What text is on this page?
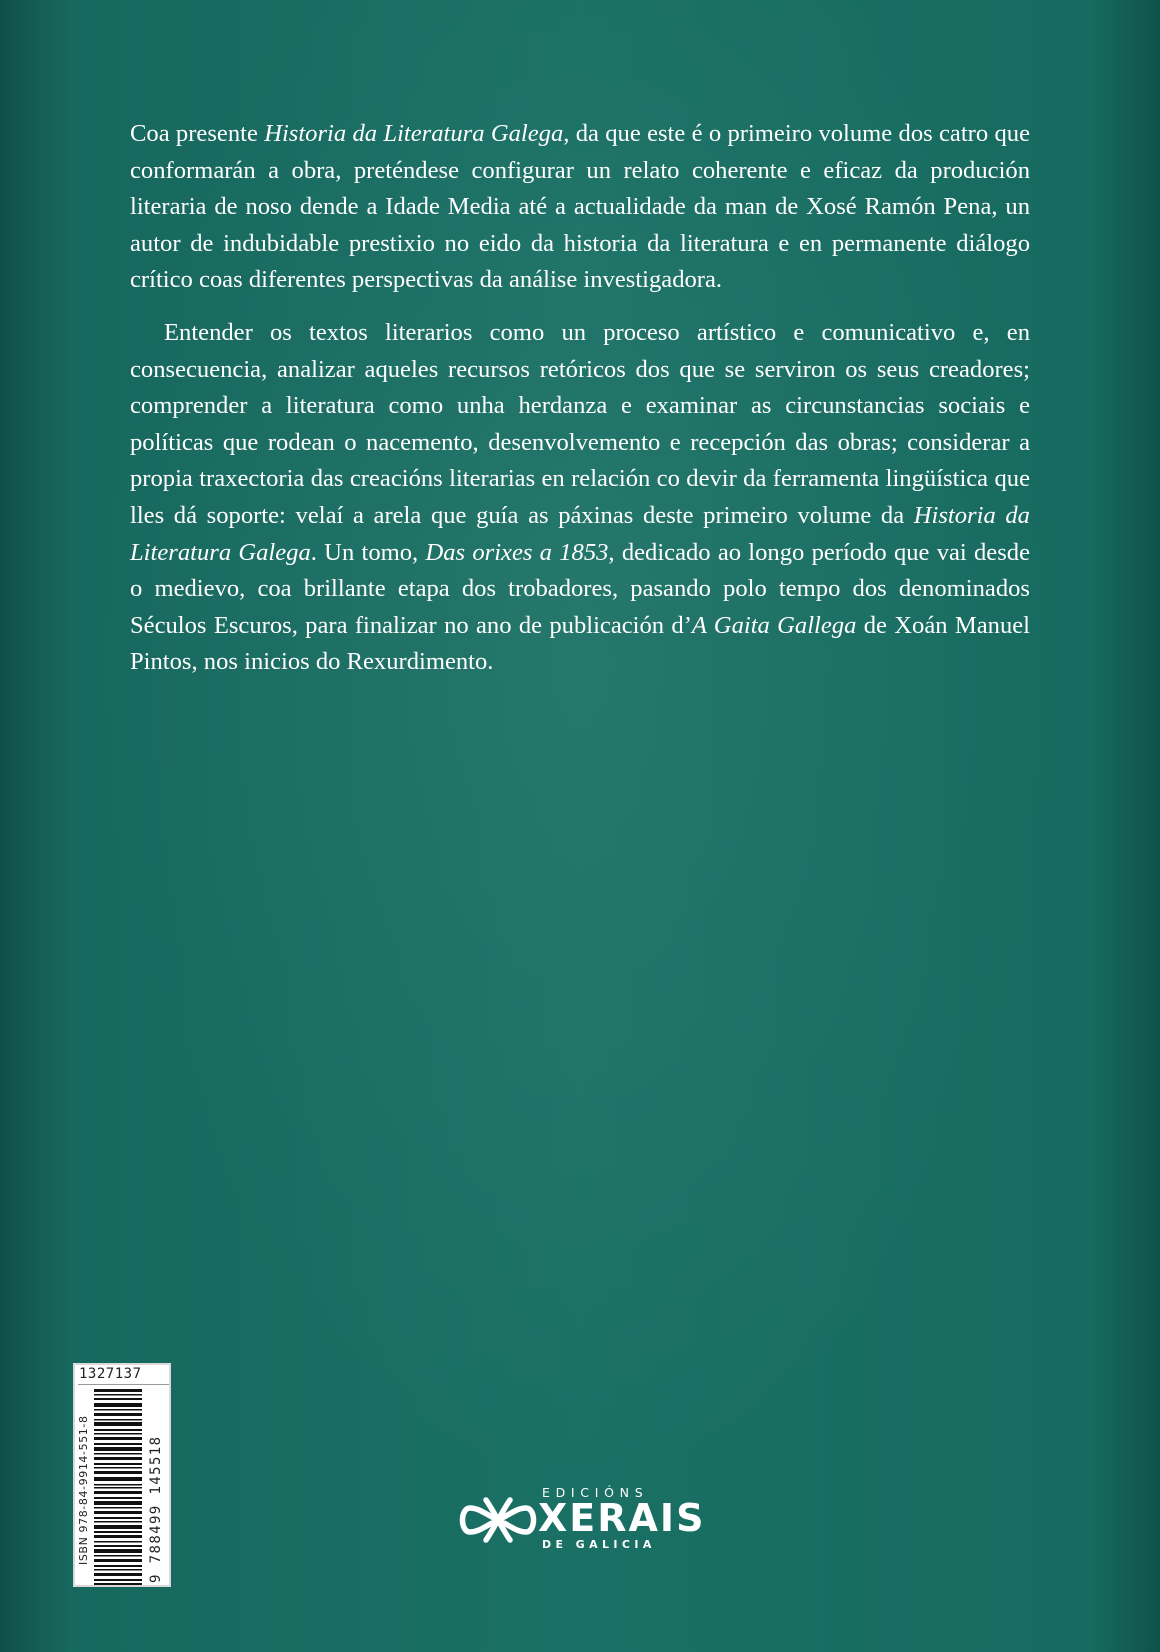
Coa presente Historia da Literatura Galega, da que este é o primeiro volume dos catro que conformarán a obra, preténdese configurar un relato coherente e eficaz da produción literaria de noso dende a Idade Media até a actualidade da man de Xosé Ramón Pena, un autor de indubidable prestixio no eido da historia da literatura e en permanente diálogo crítico coas diferentes perspectivas da análise investigadora.

Entender os textos literarios como un proceso artístico e comunicativo e, en consecuencia, analizar aqueles recursos retóricos dos que se serviron os seus creadores; comprender a literatura como unha herdanza e examinar as circunstancias sociais e políticas que rodean o nacemento, desenvolvemento e recepción das obras; considerar a propia traxectoria das creacións literarias en relación co devir da ferramenta lingüística que lles dá soporte: velaí a arela que guía as páxinas deste primeiro volume da Historia da Literatura Galega. Un tomo, Das orixes a 1853, dedicado ao longo período que vai desde o medievo, coa brillante etapa dos trobadores, pasando polo tempo dos denominados Séculos Escuros, para finalizar no ano de publicación d’A Gaita Gallega de Xoán Manuel Pintos, nos inicios do Rexurdimento.

1327137
ISBN 978-84-9914-551-8	9 788499 145518	EDICIÓNS
XERAIS
DE GALICIA
